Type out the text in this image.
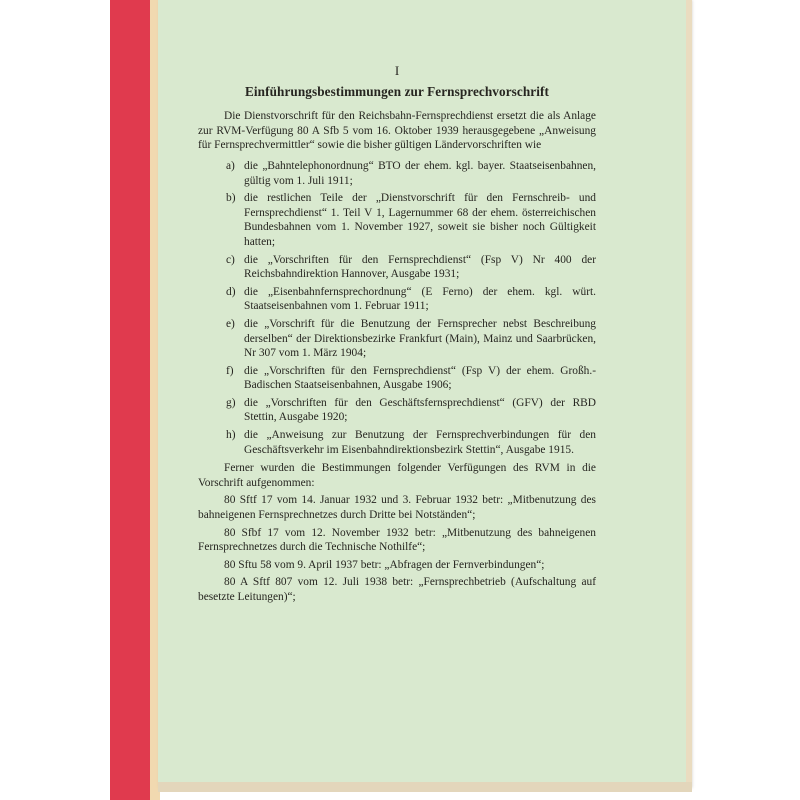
I
Einführungsbestimmungen zur Fernsprechvorschrift

Die Dienstvorschrift für den Reichsbahn-Fernsprechdienst ersetzt die als Anlage zur RVM-Verfügung 80 A Sfb 5 vom 16. Oktober 1939 herausgegebene „Anweisung für Fernsprechvermittler“ sowie die bisher gültigen Ländervorschriften wie

a) die „Bahntelephonordnung“ BTO der ehem. kgl. bayer. Staatseisenbahnen, gültig vom 1. Juli 1911;
b) die restlichen Teile der „Dienstvorschrift für den Fernschreib- und Fernsprechdienst“ 1. Teil V 1, Lagernummer 68 der ehem. österreichischen Bundesbahnen vom 1. November 1927, soweit sie bisher noch Gültigkeit hatten;
c) die „Vorschriften für den Fernsprechdienst“ (Fsp V) Nr 400 der Reichsbahndirektion Hannover, Ausgabe 1931;
d) die „Eisenbahnfernsprechordnung“ (E Ferno) der ehem. kgl. würt. Staatseisenbahnen vom 1. Februar 1911;
e) die „Vorschrift für die Benutzung der Fernsprecher nebst Beschreibung derselben“ der Direktionsbezirke Frankfurt (Main), Mainz und Saarbrücken, Nr 307 vom 1. März 1904;
f) die „Vorschriften für den Fernsprechdienst“ (Fsp V) der ehem. Großh.-Badischen Staatseisenbahnen, Ausgabe 1906;
g) die „Vorschriften für den Geschäftsfernsprechdienst“ (GFV) der RBD Stettin, Ausgabe 1920;
h) die „Anweisung zur Benutzung der Fernsprechverbindungen für den Geschäftsverkehr im Eisenbahndirektionsbezirk Stettin“, Ausgabe 1915.

Ferner wurden die Bestimmungen folgender Verfügungen des RVM in die Vorschrift aufgenommen:

80 Sftf 17 vom 14. Januar 1932 und 3. Februar 1932 betr: „Mitbenutzung des bahneigenen Fernsprechnetzes durch Dritte bei Notständen“;

80 Sfbf 17 vom 12. November 1932 betr: „Mitbenutzung des bahneigenen Fernsprechnetzes durch die Technische Nothilfe“;

80 Sftu 58 vom 9. April 1937 betr: „Abfragen der Fernverbindungen“;

80 A Sftf 807 vom 12. Juli 1938 betr: „Fernsprechbetrieb (Aufschaltung auf besetzte Leitungen)“;
